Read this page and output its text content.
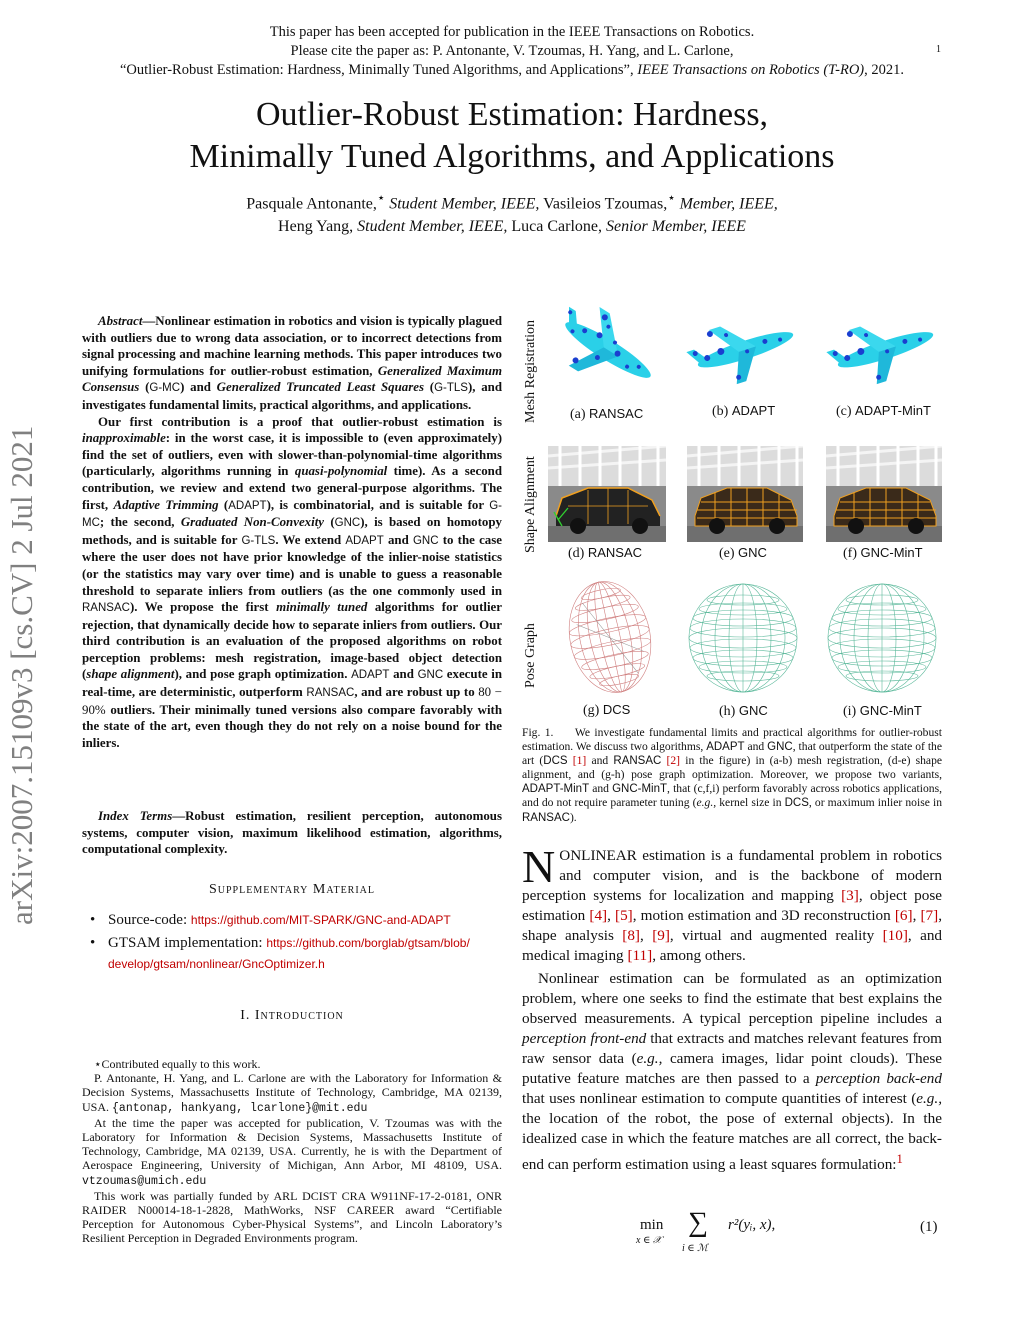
This paper has been accepted for publication in the IEEE Transactions on Robotics.
Please cite the paper as: P. Antonante, V. Tzoumas, H. Yang, and L. Carlone,
“Outlier-Robust Estimation: Hardness, Minimally Tuned Algorithms, and Applications”, IEEE Transactions on Robotics (T-RO), 2021.
1
Outlier-Robust Estimation: Hardness,
Minimally Tuned Algorithms, and Applications
Pasquale Antonante,⋆ Student Member, IEEE, Vasileios Tzoumas,⋆ Member, IEEE,
Heng Yang, Student Member, IEEE, Luca Carlone, Senior Member, IEEE
arXiv:2007.15109v3 [cs.CV] 2 Jul 2021

Abstract—Nonlinear estimation in robotics and vision is typically plagued with outliers due to wrong data association, or to incorrect detections from signal processing and machine learning methods. This paper introduces two unifying formulations for outlier-robust estimation, Generalized Maximum Consensus (G-MC) and Generalized Truncated Least Squares (G-TLS), and investigates fundamental limits, practical algorithms, and applications.

Our first contribution is a proof that outlier-robust estimation is inapproximable: in the worst case, it is impossible to (even approximately) find the set of outliers, even with slower-than-polynomial-time algorithms (particularly, algorithms running in quasi-polynomial time). As a second contribution, we review and extend two general-purpose algorithms. The first, Adaptive Trimming (ADAPT), is combinatorial, and is suitable for G-MC; the second, Graduated Non-Convexity (GNC), is based on homotopy methods, and is suitable for G-TLS. We extend ADAPT and GNC to the case where the user does not have prior knowledge of the inlier-noise statistics (or the statistics may vary over time) and is unable to guess a reasonable threshold to separate inliers from outliers (as the one commonly used in RANSAC). We propose the first minimally tuned algorithms for outlier rejection, that dynamically decide how to separate inliers from outliers. Our third contribution is an evaluation of the proposed algorithms on robot perception problems: mesh registration, image-based object detection (shape alignment), and pose graph optimization. ADAPT and GNC execute in real-time, are deterministic, outperform RANSAC, and are robust up to 80 − 90% outliers. Their minimally tuned versions also compare favorably with the state of the art, even though they do not rely on a noise bound for the inliers.

Index Terms—Robust estimation, resilient perception, autonomous systems, computer vision, maximum likelihood estimation, algorithms, computational complexity.
Supplementary Material
• Source-code: https://github.com/MIT-SPARK/GNC-and-ADAPT
• GTSAM implementation: https://github.com/borglab/gtsam/blob/
develop/gtsam/nonlinear/GncOptimizer.h
I. Introduction

⋆Contributed equally to this work.

P. Antonante, H. Yang, and L. Carlone are with the Laboratory for Information & Decision Systems, Massachusetts Institute of Technology, Cambridge, MA 02139, USA. {antonap, hankyang, lcarlone}@mit.edu

At the time the paper was accepted for publication, V. Tzoumas was with the Laboratory for Information & Decision Systems, Massachusetts Institute of Technology, Cambridge, MA 02139, USA. Currently, he is with the Department of Aerospace Engineering, University of Michigan, Ann Arbor, MI 48109, USA. vtzoumas@umich.edu

This work was partially funded by ARL DCIST CRA W911NF-17-2-0181, ONR RAIDER N00014-18-1-2828, MathWorks, NSF CAREER award “Certifiable Perception for Autonomous Cyber-Physical Systems”, and Lincoln Laboratory’s Resilient Perception in Degraded Environments program.

Mesh Registration
Shape Alignment
Pose Graph
(a) RANSAC	(b) ADAPT	(c) ADAPT-MinT
(d) RANSAC	(e) GNC	(f) GNC-MinT
(g) DCS	(h) GNC	(i) GNC-MinT
Fig. 1. We investigate fundamental limits and practical algorithms for outlier-robust estimation. We discuss two algorithms, ADAPT and GNC, that outperform the state of the art (DCS [1] and RANSAC [2] in the figure) in (a-b) mesh registration, (d-e) shape alignment, and (g-h) pose graph optimization. Moreover, we propose two variants, ADAPT-MinT and GNC-MinT, that (c,f,i) perform favorably across robotics applications, and do not require parameter tuning (e.g., kernel size in DCS, or maximum inlier noise in RANSAC).

NONLINEAR estimation is a fundamental problem in robotics and computer vision, and is the backbone of modern perception systems for localization and mapping [3], object pose estimation [4], [5], motion estimation and 3D reconstruction [6], [7], shape analysis [8], [9], virtual and augmented reality [10], and medical imaging [11], among others.

Nonlinear estimation can be formulated as an optimization problem, where one seeks to find the estimate that best explains the observed measurements. A typical perception pipeline includes a perception front-end that extracts and matches relevant features from raw sensor data (e.g., camera images, lidar point clouds). These putative feature matches are then passed to a perception back-end that uses nonlinear estimation to compute quantities of interest (e.g., the location of the robot, the pose of external objects). In the idealized case in which the feature matches are all correct, the back-end can perform estimation using a least squares formulation:$^1$

min
x ∈ 𝒳
∑
i ∈ ℳ
r²(yᵢ, x),	(1)
